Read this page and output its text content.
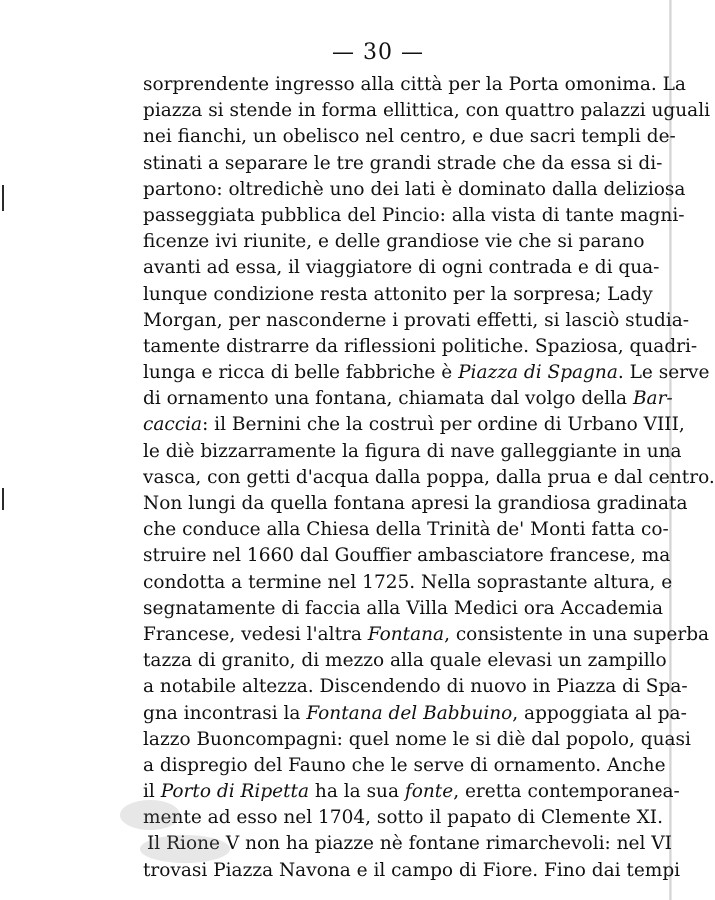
— 30 —
sorprendente ingresso alla città per la Porta omonima. La
piazza si stende in forma ellittica, con quattro palazzi uguali
nei fianchi, un obelisco nel centro, e due sacri templi de-
stinati a separare le tre grandi strade che da essa si di-
partono: oltredichè uno dei lati è dominato dalla deliziosa
passeggiata pubblica del Pincio: alla vista di tante magni-
ficenze ivi riunite, e delle grandiose vie che si parano
avanti ad essa, il viaggiatore di ogni contrada e di qua-
lunque condizione resta attonito per la sorpresa; Lady
Morgan, per nasconderne i provati effetti, si lasciò studia-
tamente distrarre da riflessioni politiche. Spaziosa, quadri-
lunga e ricca di belle fabbriche è Piazza di Spagna. Le serve
di ornamento una fontana, chiamata dal volgo della Bar-
caccia: il Bernini che la costruì per ordine di Urbano VIII,
le diè bizzarramente la figura di nave galleggiante in una
vasca, con getti d'acqua dalla poppa, dalla prua e dal centro.
Non lungi da quella fontana apresi la grandiosa gradinata
che conduce alla Chiesa della Trinità de' Monti fatta co-
struire nel 1660 dal Gouffier ambasciatore francese, ma
condotta a termine nel 1725. Nella soprastante altura, e
segnatamente di faccia alla Villa Medici ora Accademia
Francese, vedesi l'altra Fontana, consistente in una superba
tazza di granito, di mezzo alla quale elevasi un zampillo
a notabile altezza. Discendendo di nuovo in Piazza di Spa-
gna incontrasi la Fontana del Babbuino, appoggiata al pa-
lazzo Buoncompagni: quel nome le si diè dal popolo, quasi
a dispregio del Fauno che le serve di ornamento. Anche
il Porto di Ripetta ha la sua fonte, eretta contemporanea-
mente ad esso nel 1704, sotto il papato di Clemente XI.
Il Rione V non ha piazze nè fontane rimarchevoli: nel VI
trovasi Piazza Navona e il campo di Fiore. Fino dai tempi
